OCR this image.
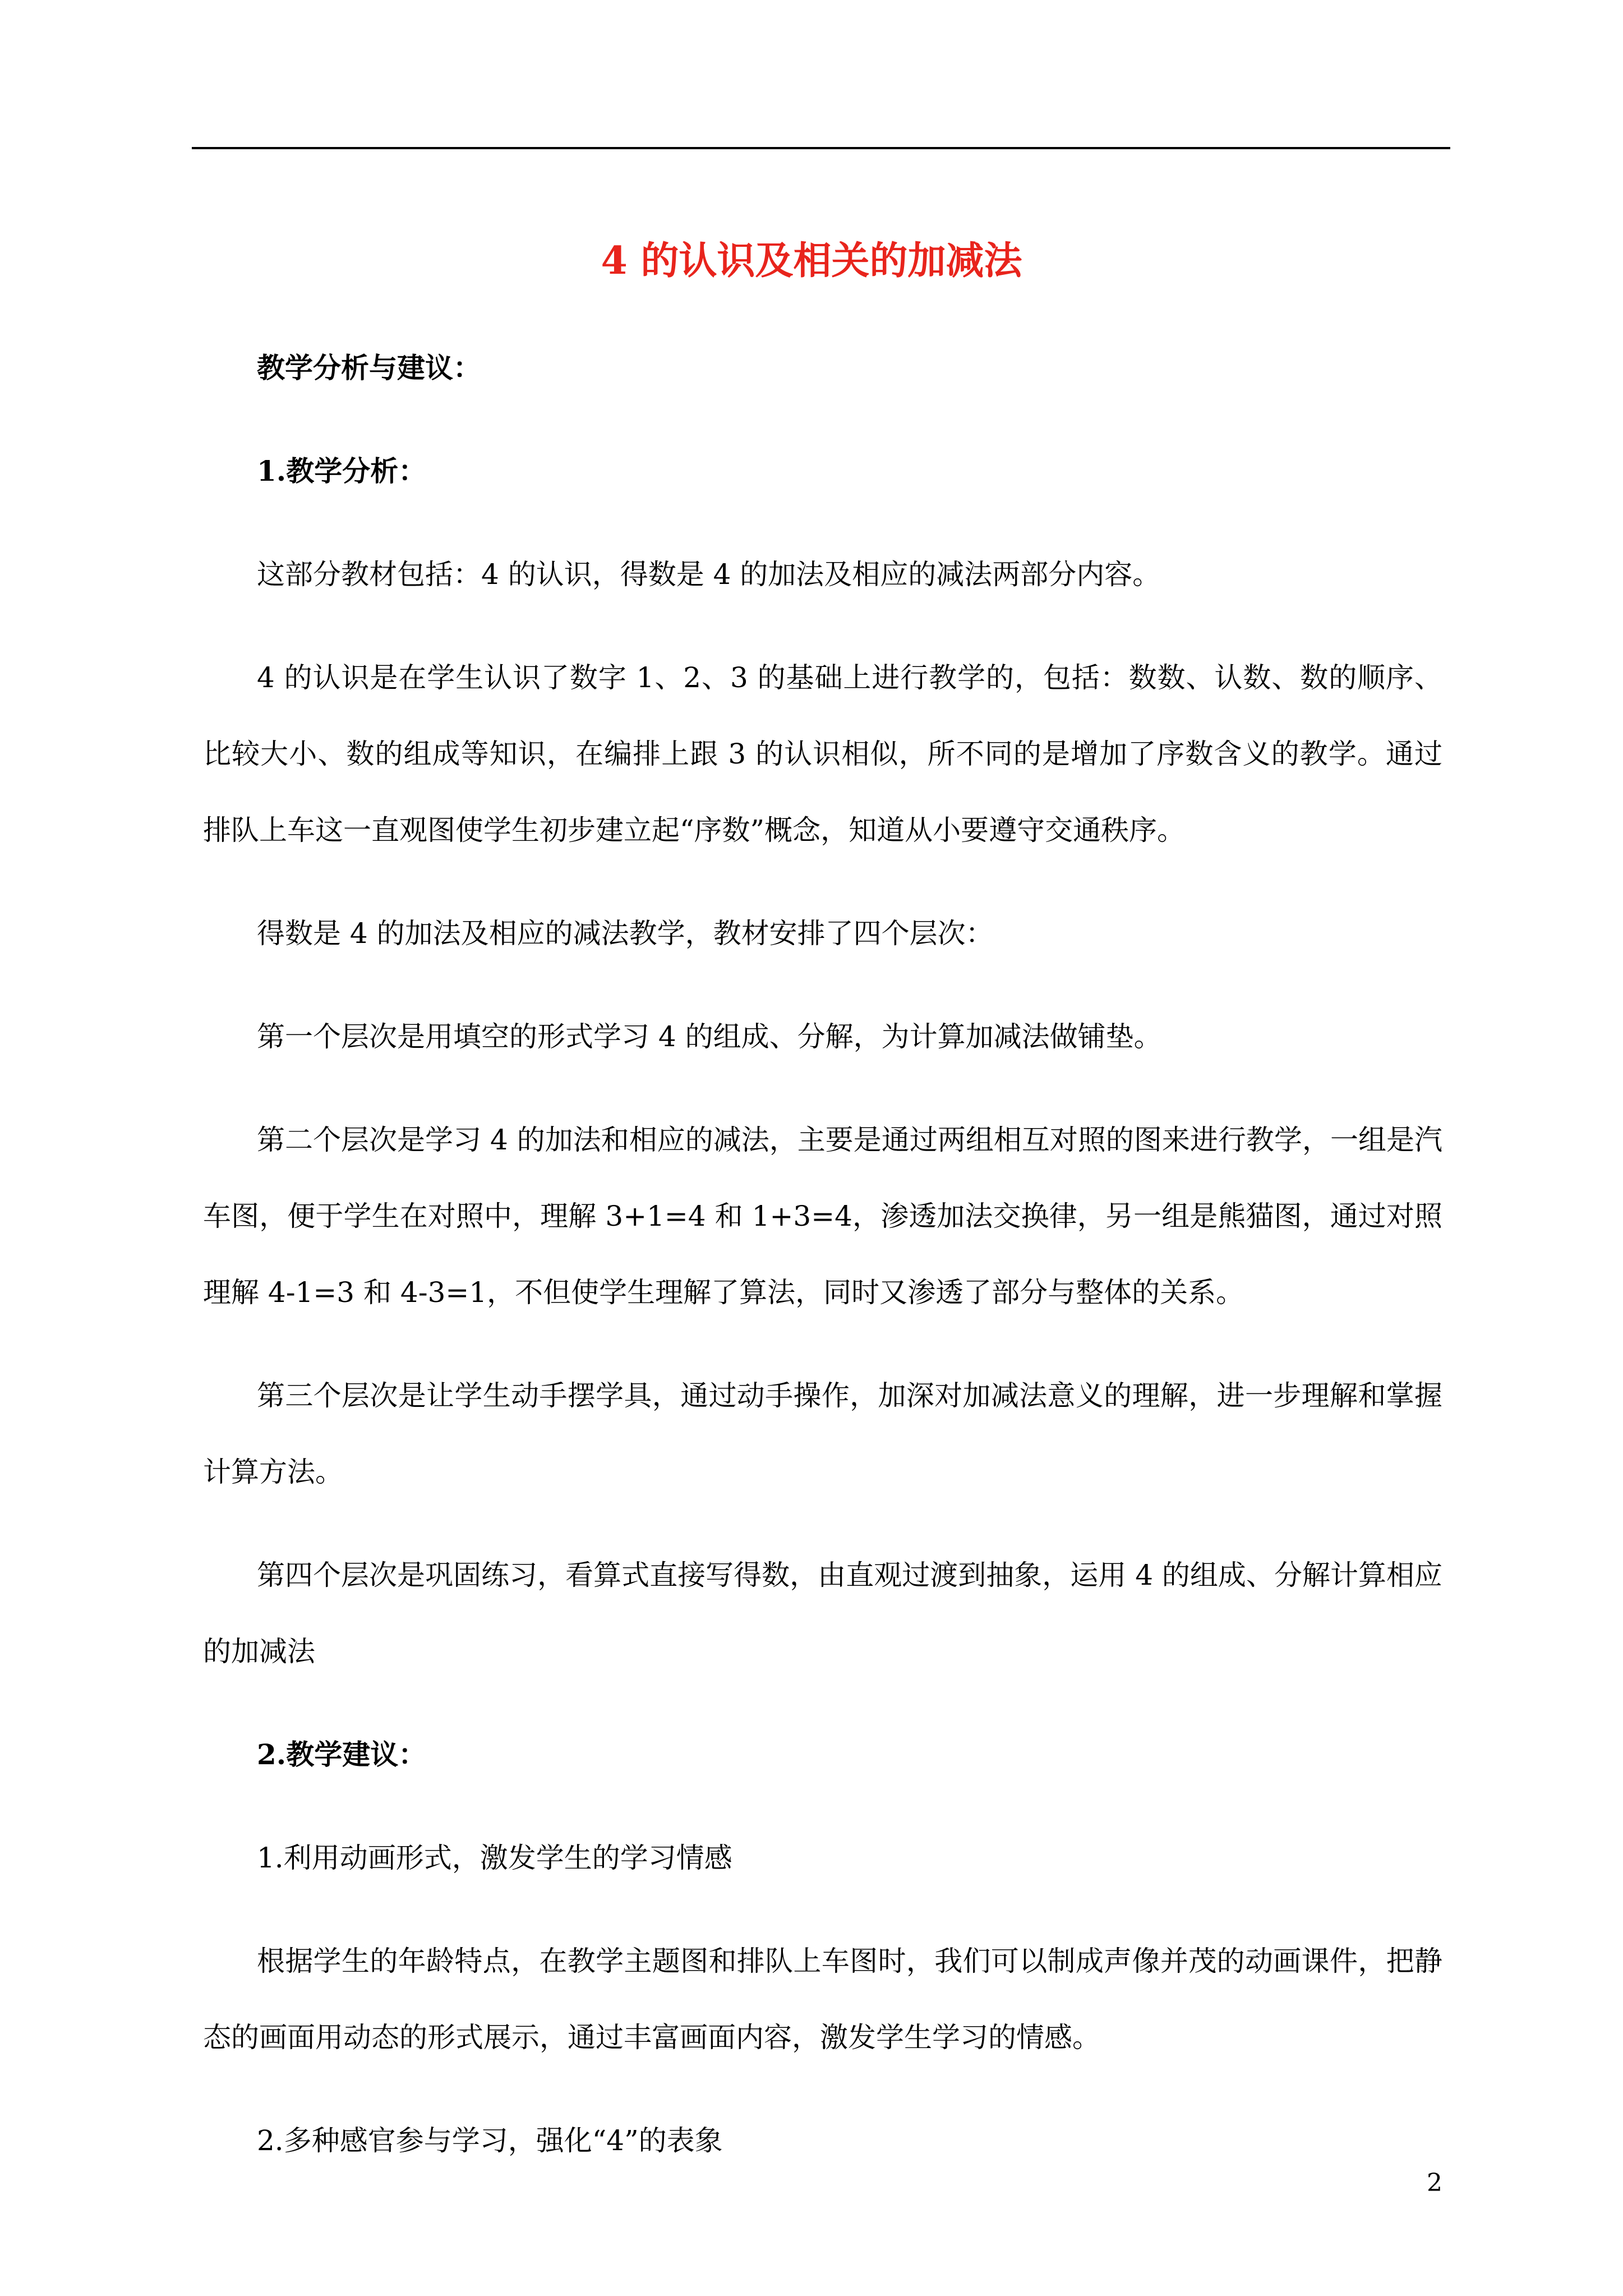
4 的认识及相关的加减法

教学分析与建议：

1.教学分析：

这部分教材包括：4 的认识，得数是 4 的加法及相应的减法两部分内容。

4 的认识是在学生认识了数字 1、2、3 的基础上进行教学的，包括：数数、认数、数的顺序、比较大小、数的组成等知识，在编排上跟 3 的认识相似，所不同的是增加了序数含义的教学。通过排队上车这一直观图使学生初步建立起“序数”概念，知道从小要遵守交通秩序。

得数是 4 的加法及相应的减法教学，教材安排了四个层次：

第一个层次是用填空的形式学习 4 的组成、分解，为计算加减法做铺垫。

第二个层次是学习 4 的加法和相应的减法，主要是通过两组相互对照的图来进行教学，一组是汽车图，便于学生在对照中，理解 3+1=4 和 1+3=4，渗透加法交换律，另一组是熊猫图，通过对照理解 4-1=3 和 4-3=1，不但使学生理解了算法，同时又渗透了部分与整体的关系。

第三个层次是让学生动手摆学具，通过动手操作，加深对加减法意义的理解，进一步理解和掌握计算方法。

第四个层次是巩固练习，看算式直接写得数，由直观过渡到抽象，运用 4 的组成、分解计算相应的加减法

2.教学建议：

1.利用动画形式，激发学生的学习情感

根据学生的年龄特点，在教学主题图和排队上车图时，我们可以制成声像并茂的动画课件，把静态的画面用动态的形式展示，通过丰富画面内容，激发学生学习的情感。

2.多种感官参与学习，强化“4”的表象

2
